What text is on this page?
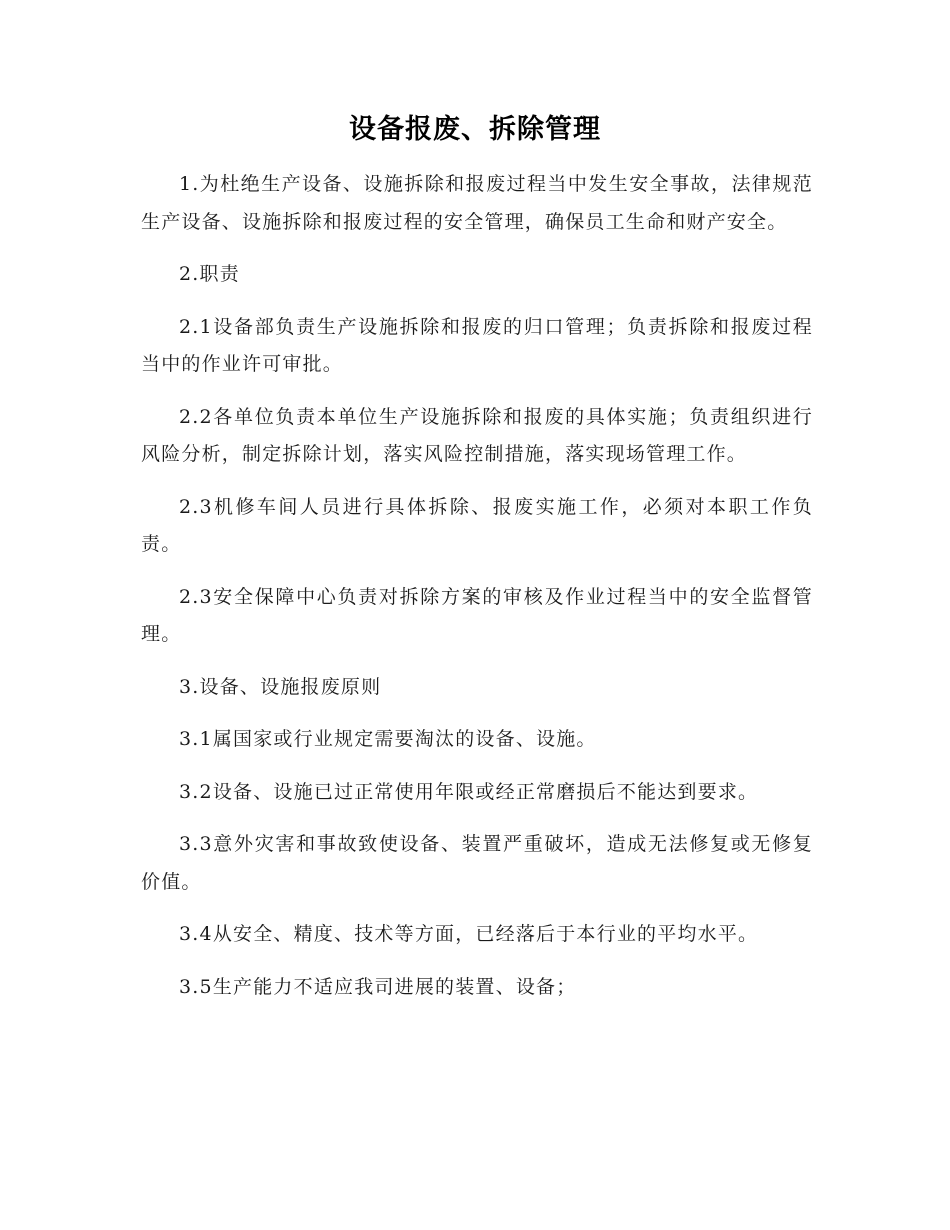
设备报废、拆除管理

1.为杜绝生产设备、设施拆除和报废过程当中发生安全事故，法律规范生产设备、设施拆除和报废过程的安全管理，确保员工生命和财产安全。

2.职责

2.1设备部负责生产设施拆除和报废的归口管理；负责拆除和报废过程当中的作业许可审批。

2.2各单位负责本单位生产设施拆除和报废的具体实施；负责组织进行风险分析，制定拆除计划，落实风险控制措施，落实现场管理工作。

2.3机修车间人员进行具体拆除、报废实施工作，必须对本职工作负责。

2.3安全保障中心负责对拆除方案的审核及作业过程当中的安全监督管理。

3.设备、设施报废原则

3.1属国家或行业规定需要淘汰的设备、设施。

3.2设备、设施已过正常使用年限或经正常磨损后不能达到要求。

3.3意外灾害和事故致使设备、装置严重破坏，造成无法修复或无修复价值。

3.4从安全、精度、技术等方面，已经落后于本行业的平均水平。

3.5生产能力不适应我司进展的装置、设备；
